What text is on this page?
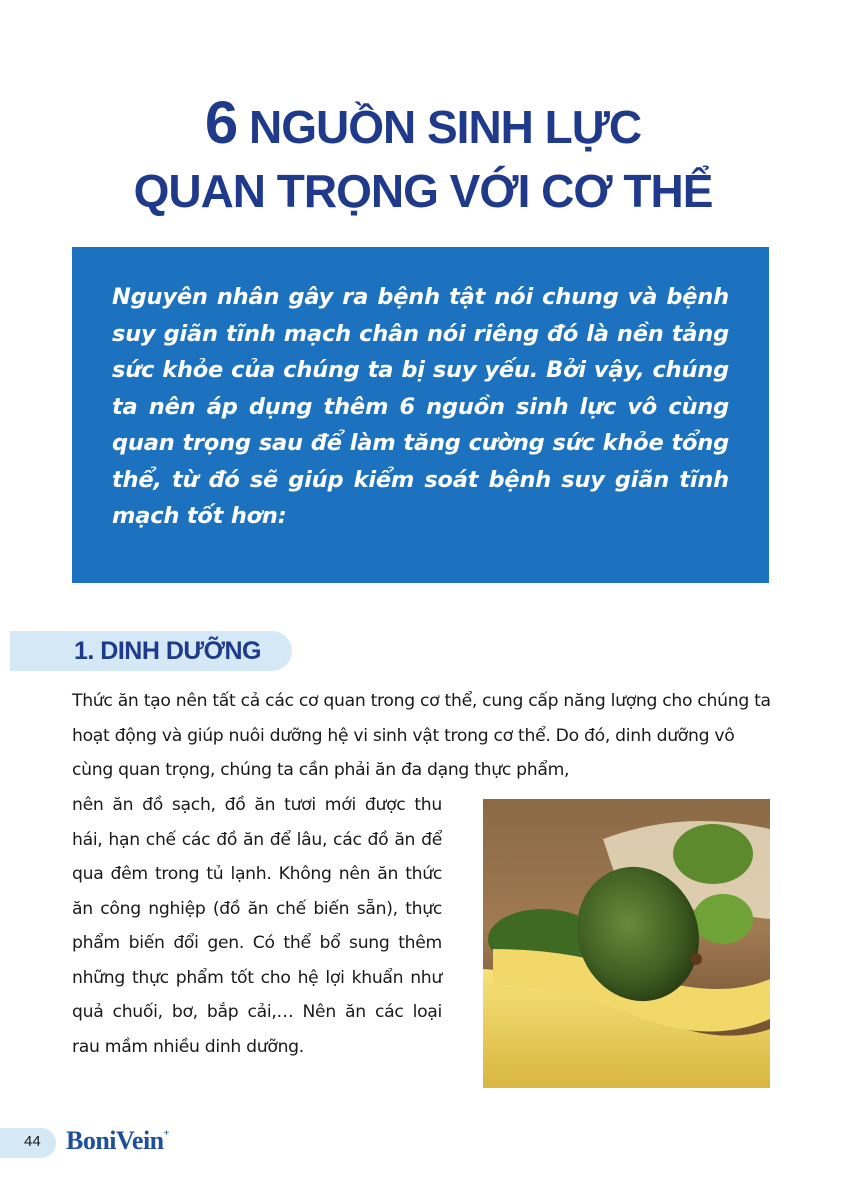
6 NGUỒN SINH LỰC
QUAN TRỌNG VỚI CƠ THỂ

Nguyên nhân gây ra bệnh tật nói chung và bệnh suy giãn tĩnh mạch chân nói riêng đó là nền tảng sức khỏe của chúng ta bị suy yếu. Bởi vậy, chúng ta nên áp dụng thêm 6 nguồn sinh lực vô cùng quan trọng sau để làm tăng cường sức khỏe tổng thể, từ đó sẽ giúp kiểm soát bệnh suy giãn tĩnh mạch tốt hơn:

1. DINH DƯỠNG

Thức ăn tạo nên tất cả các cơ quan trong cơ thể, cung cấp năng lượng cho chúng ta hoạt động và giúp nuôi dưỡng hệ vi sinh vật trong cơ thể. Do đó, dinh dưỡng vô cùng quan trọng, chúng ta cần phải ăn đa dạng thực phẩm,

nên ăn đồ sạch, đồ ăn tươi mới được thu hái, hạn chế các đồ ăn để lâu, các đồ ăn để qua đêm trong tủ lạnh. Không nên ăn thức ăn công nghiệp (đồ ăn chế biến sẵn), thực phẩm biến đổi gen. Có thể bổ sung thêm những thực phẩm tốt cho hệ lợi khuẩn như quả chuối, bơ, bắp cải,… Nên ăn các loại rau mầm nhiều dinh dưỡng.

44 BoniVein+
